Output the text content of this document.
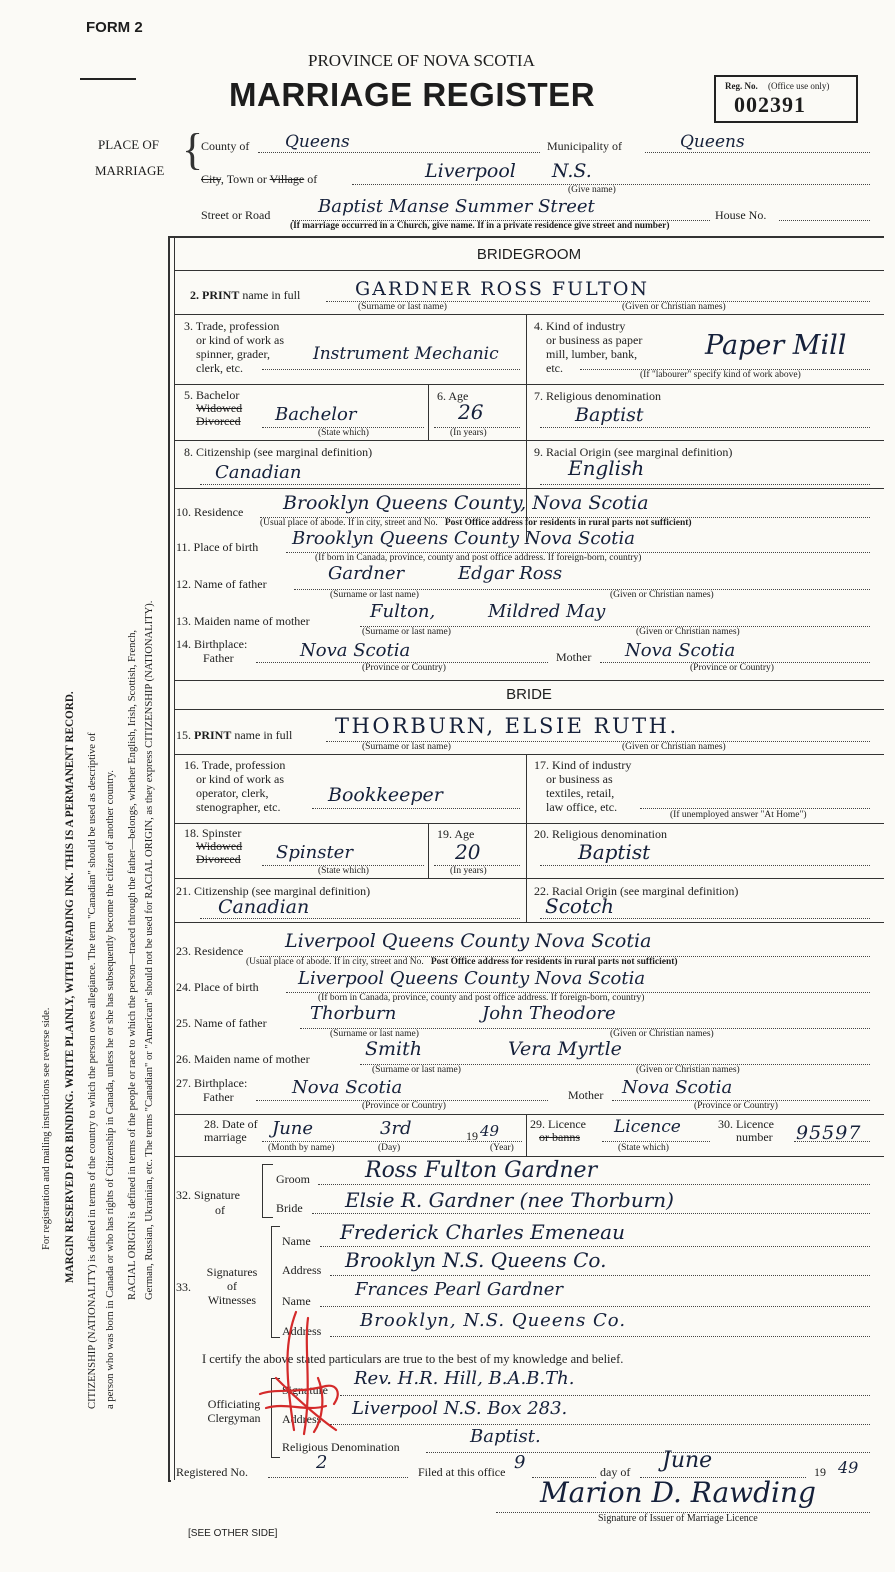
FORM 2
PROVINCE OF NOVA SCOTIA
MARRIAGE REGISTER	Reg. No. (Office use only)
002391
PLACE OF
MARRIAGE {
County of Queens	Municipality of	Queens
City, Town or Village of	Liverpool N.S.
(Give name)
Street or Road	Baptist Manse Summer Street	House No.
(If marriage occurred in a Church, give name. If in a private residence give street and number)
For registration and mailing instructions see reverse side. MARGIN RESERVED FOR BINDING. WRITE PLAINLY, WITH UNFADING INK. THIS IS A PERMANENT RECORD. CITIZENSHIP (NATIONALITY) is defined in terms of the country to which the person owes allegiance. The term "Canadian" should be used as descriptive of a person who was born in Canada or who has rights of Citizenship in Canada, unless he or she has subsequently become the citizen of another country. RACIAL ORIGIN is defined in terms of the people or race to which the person—traced through the father—belongs, whether English, Irish, Scottish, French, German, Russian, Ukrainian, etc. The terms "Canadian" or "American" should not be used for RACIAL ORIGIN, as they express CITIZENSHIP (NATIONALITY).
BRIDEGROOM
2. PRINT name in full	GARDNER ROSS FULTON
(Surname or last name)	(Given or Christian names)
3. Trade, profession
or kind of work as
spinner, grader,
clerk, etc.
Instrument Mechanic
4. Kind of industry
or business as paper
mill, lumber, bank,
etc.
Paper Mill
(If "labourer" specify kind of work above)
5. Bachelor
Widowed
Divorced Bachelor
(State which)
6. Age
26
(In years)
7. Religious denomination
Baptist
8. Citizenship (see marginal definition)
Canadian
9. Racial Origin (see marginal definition)
English
10. Residence Brooklyn Queens County, Nova Scotia
(Usual place of abode. If in city, street and No. Post Office address for residents in rural parts not sufficient)
11. Place of birth Brooklyn Queens County Nova Scotia
(If born in Canada, province, county and post office address. If foreign-born, country)
12. Name of father	Gardner	Edgar Ross
(Surname or last name)	(Given or Christian names)
13. Maiden name of mother	Fulton,	Mildred May
(Surname or last name)	(Given or Christian names)
14. Birthplace:
Father	Nova Scotia	Mother Nova Scotia
(Province or Country)	(Province or Country)
BRIDE
15. PRINT name in full THORBURN, ELSIE RUTH.
(Surname or last name)	(Given or Christian names)
16. Trade, profession
or kind of work as
operator, clerk,
stenographer, etc.
Bookkeeper
17. Kind of industry
or business as
textiles, retail,
law office, etc.
(If unemployed answer "At Home")
18. Spinster
Widowed
Divorced Spinster
(State which)
19. Age
20
(In years)
20. Religious denomination
Baptist
21. Citizenship (see marginal definition)
Canadian
22. Racial Origin (see marginal definition)
Scotch
23. Residence Liverpool Queens County Nova Scotia
(Usual place of abode. If in city, street and No. Post Office address for residents in rural parts not sufficient)
24. Place of birth Liverpool Queens County Nova Scotia
(If born in Canada, province, county and post office address. If foreign-born, country)
25. Name of father Thorburn	John Theodore
(Surname or last name)	(Given or Christian names)
26. Maiden name of mother	Smith	Vera Myrtle
(Surname or last name)	(Given or Christian names)
27. Birthplace:
Father	Nova Scotia	Mother Nova Scotia
(Province or Country)	(Province or Country)
28. Date of
marriage	June	3rd	19 49
(Month by name)	(Day)	(Year)
29. Licence
or banns	Licence
(State which)
30. Licence
number 95597
32. Signature
of
Groom	Ross Fulton Gardner
Bride Elsie R. Gardner (nee Thorburn)
33.
Signatures
of
Witnesses
Name Frederick Charles Emeneau
Address Brooklyn N.S. Queens Co.
Name
Frances Pearl Gardner
Address Brooklyn, N.S. Queens Co.
I certify the above stated particulars are true to the best of my knowledge and belief.
Officiating
Clergyman
Signature
Rev. H.R. Hill, B.A.B.Th.
Address Liverpool N.S. Box 283.
Religious Denomination	Baptist.
Registered No.	2	Filed at this office 9	day of June	19 49
Marion D. Rawding
Signature of Issuer of Marriage Licence
[SEE OTHER SIDE]
